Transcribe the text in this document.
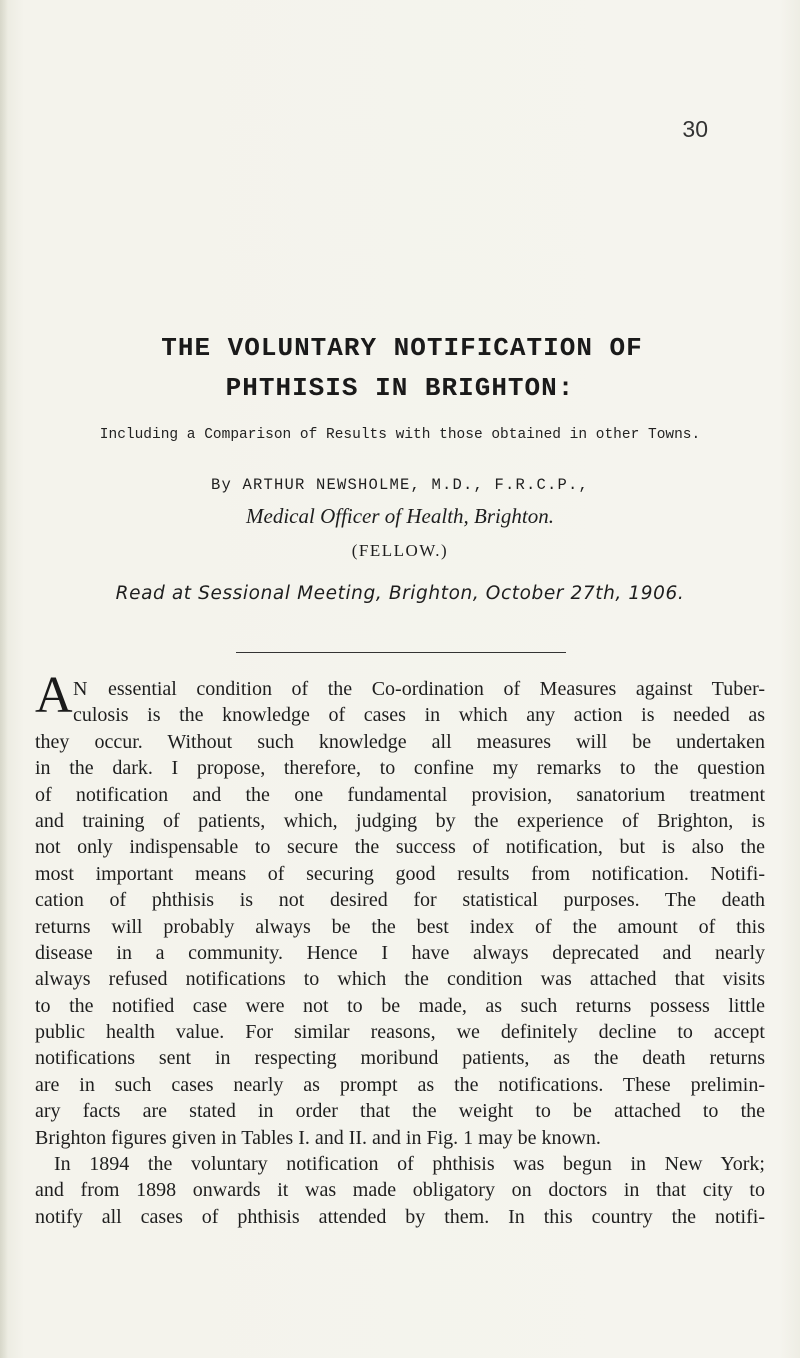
30
THE VOLUNTARY NOTIFICATION OF
PHTHISIS IN BRIGHTON:
Including a Comparison of Results with those obtained in other Towns.
By ARTHUR NEWSHOLME, M.D., F.R.C.P.,
Medical Officer of Health, Brighton.
(FELLOW.)
Read at Sessional Meeting, Brighton, October 27th, 1906.
A N essential condition of the Co-ordination of Measures against Tuber-
culosis is the knowledge of cases in which any action is needed as
they occur. Without such knowledge all measures will be undertaken
in the dark. I propose, therefore, to confine my remarks to the question
of notification and the one fundamental provision, sanatorium treatment
and training of patients, which, judging by the experience of Brighton, is
not only indispensable to secure the success of notification, but is also the
most important means of securing good results from notification. Notifi-
cation of phthisis is not desired for statistical purposes. The death
returns will probably always be the best index of the amount of this
disease in a community. Hence I have always deprecated and nearly
always refused notifications to which the condition was attached that visits
to the notified case were not to be made, as such returns possess little
public health value. For similar reasons, we definitely decline to accept
notifications sent in respecting moribund patients, as the death returns
are in such cases nearly as prompt as the notifications. These prelimin-
ary facts are stated in order that the weight to be attached to the
Brighton figures given in Tables I. and II. and in Fig. 1 may be known.
In 1894 the voluntary notification of phthisis was begun in New York;
and from 1898 onwards it was made obligatory on doctors in that city to
notify all cases of phthisis attended by them. In this country the notifi-
